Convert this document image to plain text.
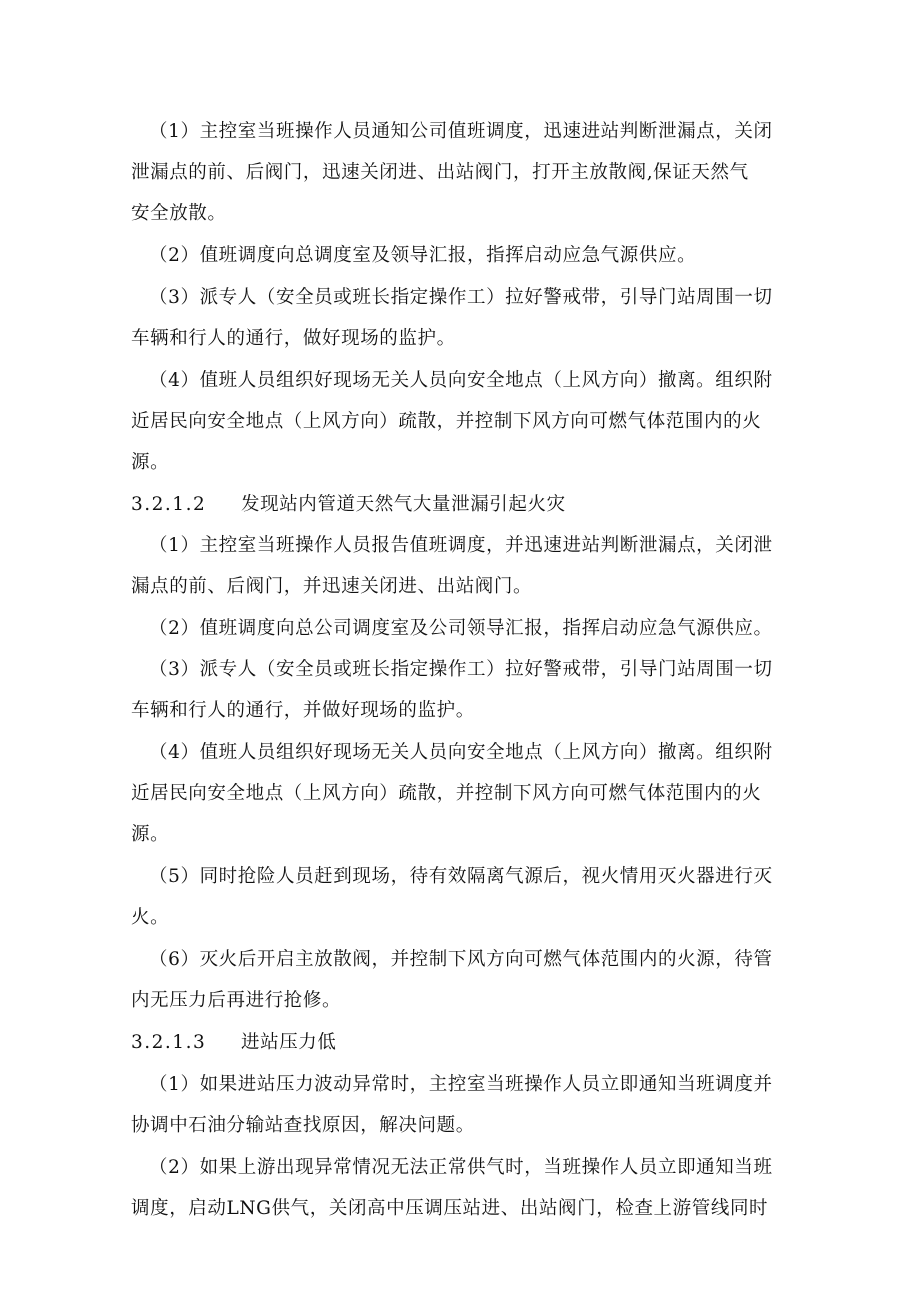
（1）主控室当班操作人员通知公司值班调度，迅速进站判断泄漏点，关闭
泄漏点的前、后阀门，迅速关闭进、出站阀门，打开主放散阀,保证天然气
安全放散。

（2）值班调度向总调度室及领导汇报，指挥启动应急气源供应。

（3）派专人（安全员或班长指定操作工）拉好警戒带，引导门站周围一切
车辆和行人的通行，做好现场的监护。

（4）值班人员组织好现场无关人员向安全地点（上风方向）撤离。组织附
近居民向安全地点（上风方向）疏散，并控制下风方向可燃气体范围内的火
源。

3.2.1.2 发现站内管道天然气大量泄漏引起火灾

（1）主控室当班操作人员报告值班调度，并迅速进站判断泄漏点，关闭泄
漏点的前、后阀门，并迅速关闭进、出站阀门。

（2）值班调度向总公司调度室及公司领导汇报，指挥启动应急气源供应。

（3）派专人（安全员或班长指定操作工）拉好警戒带，引导门站周围一切
车辆和行人的通行，并做好现场的监护。

（4）值班人员组织好现场无关人员向安全地点（上风方向）撤离。组织附
近居民向安全地点（上风方向）疏散，并控制下风方向可燃气体范围内的火
源。

（5）同时抢险人员赶到现场，待有效隔离气源后，视火情用灭火器进行灭
火。

（6）灭火后开启主放散阀，并控制下风方向可燃气体范围内的火源，待管
内无压力后再进行抢修。

3.2.1.3 进站压力低

（1）如果进站压力波动异常时，主控室当班操作人员立即通知当班调度并
协调中石油分输站查找原因，解决问题。

（2）如果上游出现异常情况无法正常供气时，当班操作人员立即通知当班
调度，启动LNG供气，关闭高中压调压站进、出站阀门，检查上游管线同时
